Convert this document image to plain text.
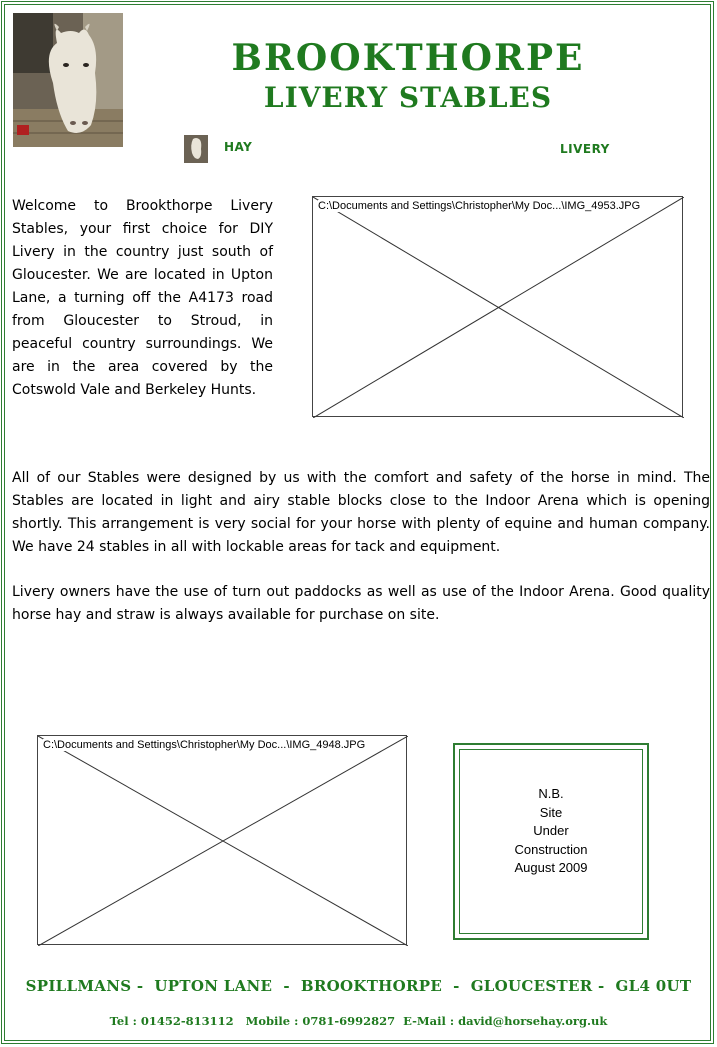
BROOKTHORPE
LIVERY STABLES
HAY	LIVERY
Welcome to Brookthorpe Livery Stables, your first choice for DIY Livery in the country just south of Gloucester. We are located in Upton Lane, a turning off the A4173 road from Gloucester to Stroud, in peaceful country surroundings. We are in the area covered by the Cotswold Vale and Berkeley Hunts.
C:\Documents and Settings\Christopher\My Doc...\IMG_4953.JPG
All of our Stables were designed by us with the comfort and safety of the horse in mind. The Stables are located in light and airy stable blocks close to the Indoor Arena which is opening shortly. This arrangement is very social for your horse with plenty of equine and human company. We have 24 stables in all with lockable areas for tack and equipment.
Livery owners have the use of turn out paddocks as well as use of the Indoor Arena. Good quality horse hay and straw is always available for purchase on site.
C:\Documents and Settings\Christopher\My Doc...\IMG_4948.JPG
N.B.
Site
Under
Construction
August 2009
SPILLMANS -  UPTON LANE  -  BROOKTHORPE  -  GLOUCESTER -  GL4 0UT
Tel : 01452-813112   Mobile : 0781-6992827  E-Mail : david@horsehay.org.uk
